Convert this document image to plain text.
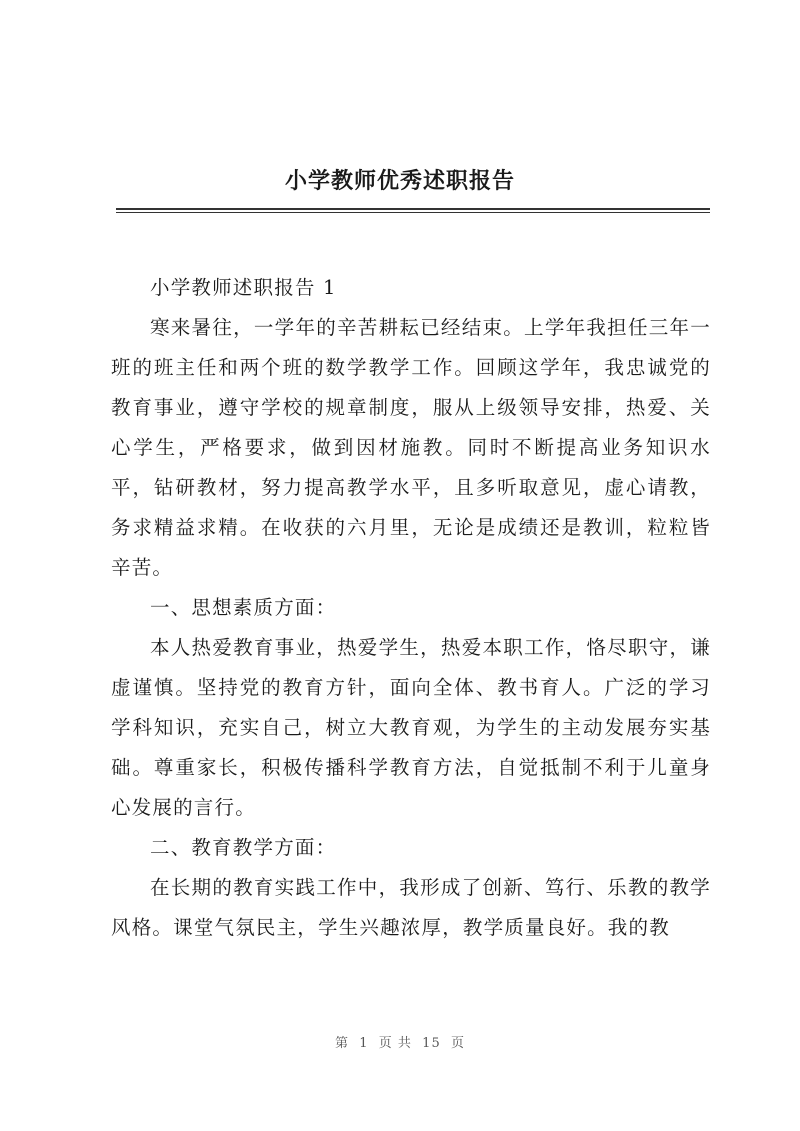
小学教师优秀述职报告

小学教师述职报告 1

寒来暑往，一学年的辛苦耕耘已经结束。上学年我担任三年一班的班主任和两个班的数学教学工作。回顾这学年，我忠诚党的教育事业，遵守学校的规章制度，服从上级领导安排，热爱、关心学生，严格要求，做到因材施教。同时不断提高业务知识水平，钻研教材，努力提高教学水平，且多听取意见，虚心请教，务求精益求精。在收获的六月里，无论是成绩还是教训，粒粒皆辛苦。

一、思想素质方面：

本人热爱教育事业，热爱学生，热爱本职工作，恪尽职守，谦虚谨慎。坚持党的教育方针，面向全体、教书育人。广泛的学习学科知识，充实自己，树立大教育观，为学生的主动发展夯实基础。尊重家长，积极传播科学教育方法，自觉抵制不利于儿童身心发展的言行。

二、教育教学方面：

在长期的教育实践工作中，我形成了创新、笃行、乐教的教学风格。课堂气氛民主，学生兴趣浓厚，教学质量良好。我的教

第  1  页 共  15  页
